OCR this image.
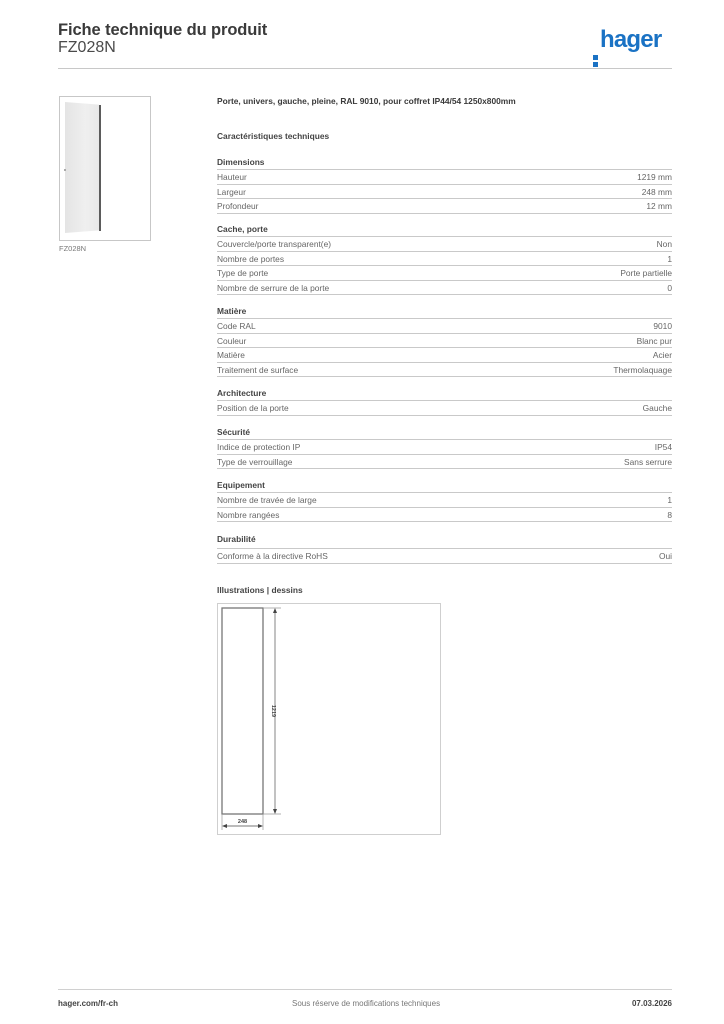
Fiche technique du produit
FZ028N	hager
FZ028N
Porte, univers, gauche, pleine, RAL 9010, pour coffret IP44/54 1250x800mm
Caractéristiques techniques
Dimensions
Hauteur	1219 mm
Largeur	248 mm
Profondeur	12 mm
Cache, porte
Couvercle/porte transparent(e)	Non
Nombre de portes	1
Type de porte	Porte partielle
Nombre de serrure de la porte	0
Matière
Code RAL	9010
Couleur	Blanc pur
Matière	Acier
Traitement de surface	Thermolaquage
Architecture
Position de la porte	Gauche
Sécurité
Indice de protection IP	IP54
Type de verrouillage	Sans serrure
Equipement
Nombre de travée de large	1
Nombre rangées	8
Durabilité
Conforme à la directive RoHS	Oui
Illustrations | dessins
1219
248
hager.com/fr-ch	Sous réserve de modifications techniques	07.03.2026
